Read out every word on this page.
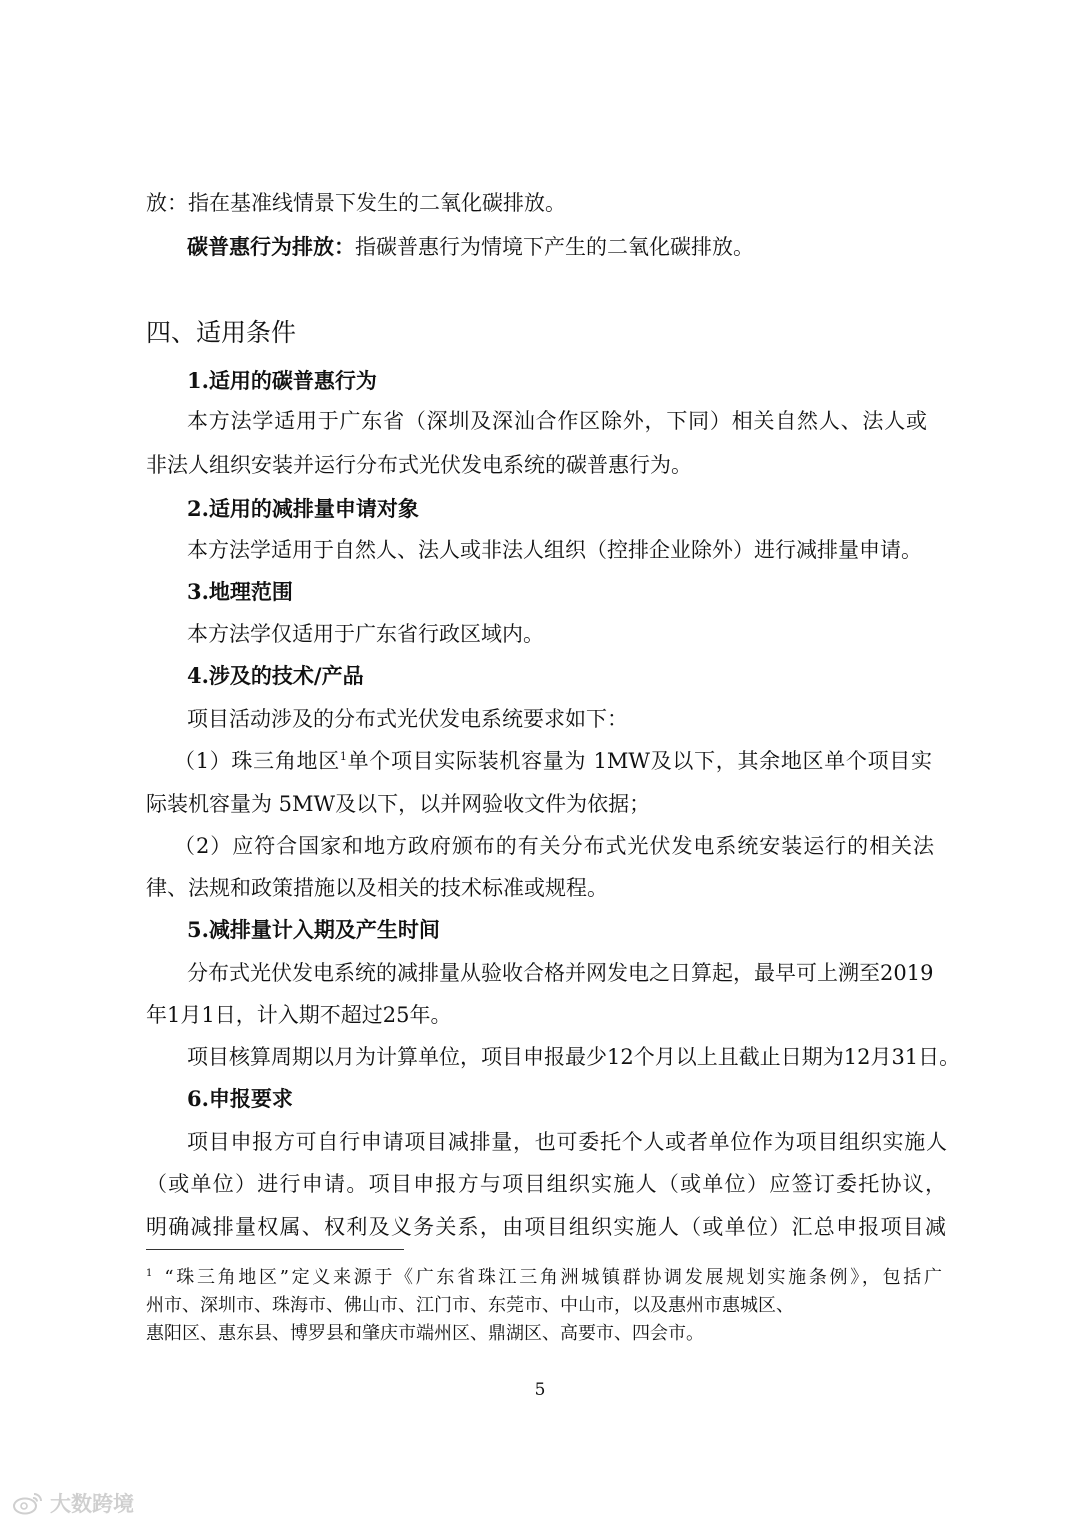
放：指在基准线情景下发生的二氧化碳排放。
碳普惠行为排放：指碳普惠行为情境下产生的二氧化碳排放。
四、适用条件
1.适用的碳普惠行为
本方法学适用于广东省（深圳及深汕合作区除外，下同）相关自然人、法人或
非法人组织安装并运行分布式光伏发电系统的碳普惠行为。
2.适用的减排量申请对象
本方法学适用于自然人、法人或非法人组织（控排企业除外）进行减排量申请。
3.地理范围
本方法学仅适用于广东省行政区域内。
4.涉及的技术/产品
项目活动涉及的分布式光伏发电系统要求如下：
（1）珠三角地区$^1$单个项目实际装机容量为 1MW及以下，其余地区单个项目实
际装机容量为 5MW及以下，以并网验收文件为依据；
（2）应符合国家和地方政府颁布的有关分布式光伏发电系统安装运行的相关法
律、法规和政策措施以及相关的技术标准或规程。
5.减排量计入期及产生时间
分布式光伏发电系统的减排量从验收合格并网发电之日算起，最早可上溯至2019
年1月1日，计入期不超过25年。
项目核算周期以月为计算单位，项目申报最少12个月以上且截止日期为12月31日。
6.申报要求
项目申报方可自行申请项目减排量，也可委托个人或者单位作为项目组织实施人
（或单位）进行申请。项目申报方与项目组织实施人（或单位）应签订委托协议，
明确减排量权属、权利及义务关系，由项目组织实施人（或单位）汇总申报项目减
$^1$ “珠三角地区”定义来源于《广东省珠江三角洲城镇群协调发展规划实施条例》，包括广
州市、深圳市、珠海市、佛山市、江门市、东莞市、中山市，以及惠州市惠城区、
惠阳区、惠东县、博罗县和肇庆市端州区、鼎湖区、高要市、四会市。
5
大数跨境
